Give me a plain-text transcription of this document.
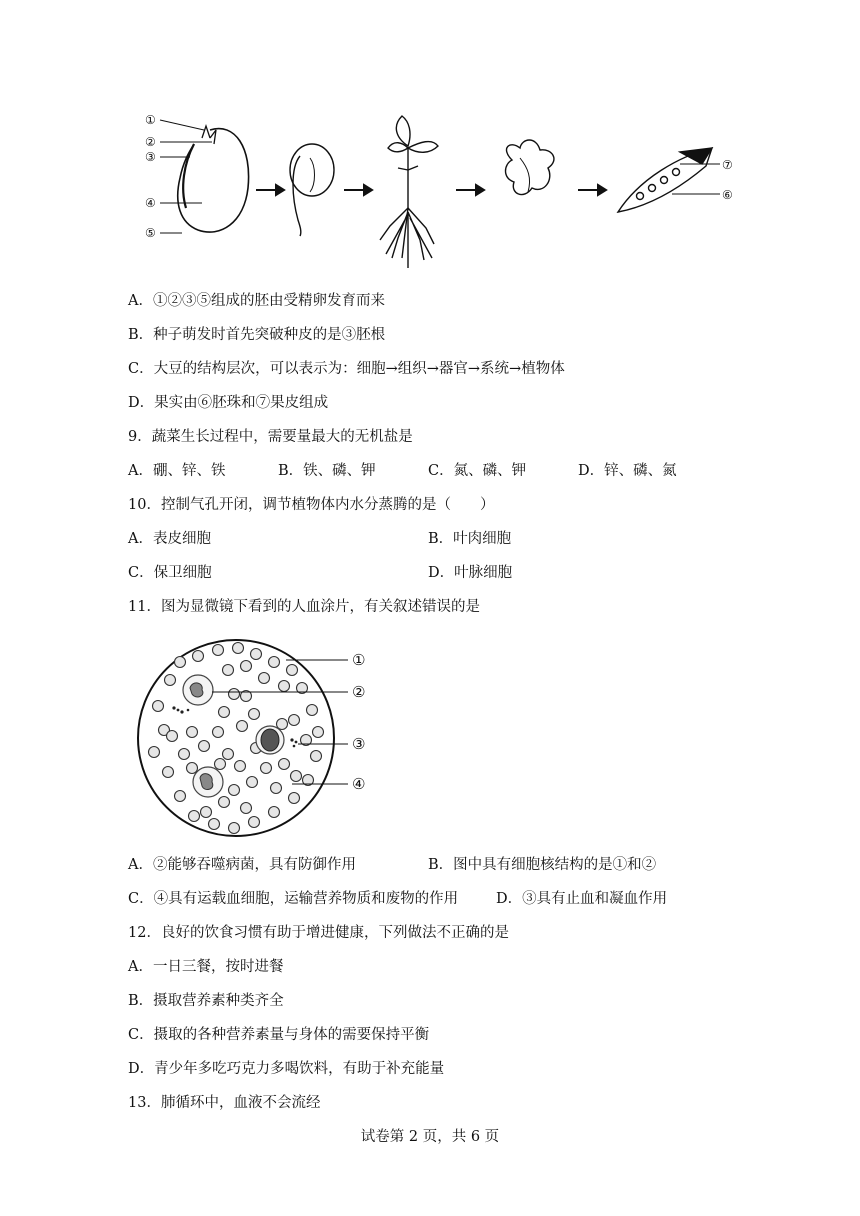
①
②
③
④
⑤
⑦
⑥
A．①②③⑤组成的胚由受精卵发育而来
B．种子萌发时首先突破种皮的是③胚根
C．大豆的结构层次，可以表示为：细胞→组织→器官→系统→植物体
D．果实由⑥胚珠和⑦果皮组成
9．蔬菜生长过程中，需要量最大的无机盐是
A．硼、锌、铁	B．铁、磷、钾	C．氮、磷、钾	D．锌、磷、氮
10．控制气孔开闭，调节植物体内水分蒸腾的是（　　）
A．表皮细胞	B．叶肉细胞
C．保卫细胞	D．叶脉细胞
11．图为显微镜下看到的人血涂片，有关叙述错误的是
①
②
③
④
A．②能够吞噬病菌，具有防御作用	B．图中具有细胞核结构的是①和②
C．④具有运载血细胞，运输营养物质和废物的作用	D．③具有止血和凝血作用
12．良好的饮食习惯有助于增进健康，下列做法不正确的是
A．一日三餐，按时进餐
B．摄取营养素种类齐全
C．摄取的各种营养素量与身体的需要保持平衡
D．青少年多吃巧克力多喝饮料，有助于补充能量
13．肺循环中，血液不会流经
试卷第 2 页，共 6 页
